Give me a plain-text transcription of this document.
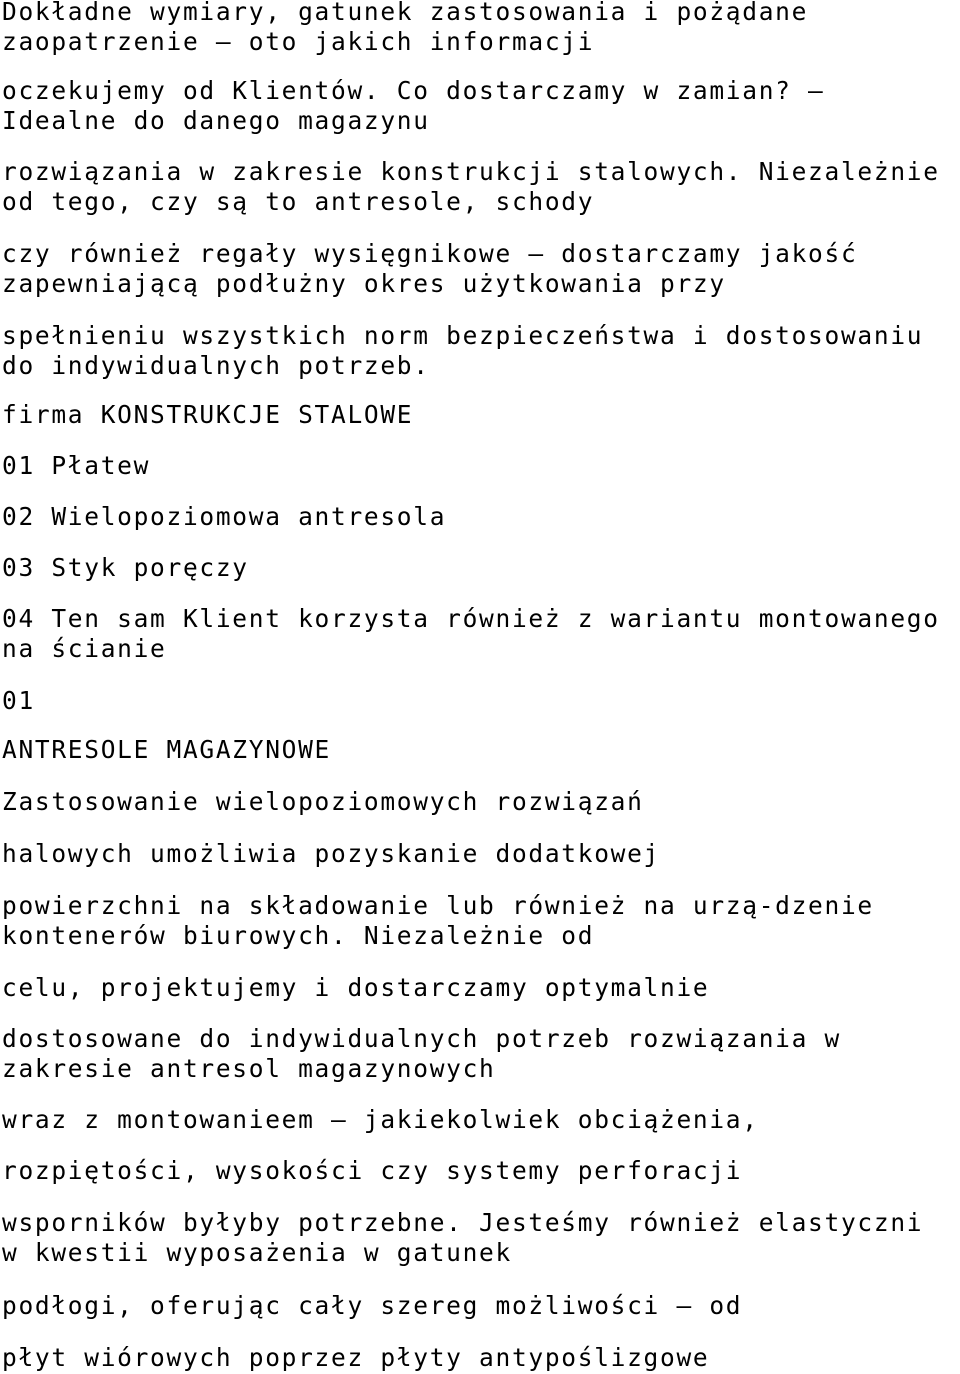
Dokładne wymiary, gatunek zastosowania i pożądane
zaopatrzenie – oto jakich informacji
oczekujemy od Klientów. Co dostarczamy w zamian? –
Idealne do danego magazynu
rozwiązania w zakresie konstrukcji stalowych. Niezależnie
od tego, czy są to antresole, schody
czy również regały wysięgnikowe – dostarczamy jakość
zapewniającą podłużny okres użytkowania przy
spełnieniu wszystkich norm bezpieczeństwa i dostosowaniu
do indywidualnych potrzeb.
firma KONSTRUKCJE STALOWE
01 Płatew
02 Wielopoziomowa antresola
03 Styk poręczy
04 Ten sam Klient korzysta również z wariantu montowanego
na ścianie
01
ANTRESOLE MAGAZYNOWE
Zastosowanie wielopoziomowych rozwiązań
halowych umożliwia pozyskanie dodatkowej
powierzchni na składowanie lub również na urzą-dzenie
kontenerów biurowych. Niezależnie od
celu, projektujemy i dostarczamy optymalnie
dostosowane do indywidualnych potrzeb rozwiązania w
zakresie antresol magazynowych
wraz z montowanieem – jakiekolwiek obciążenia,
rozpiętości, wysokości czy systemy perforacji
wsporników byłyby potrzebne. Jesteśmy również elastyczni
w kwestii wyposażenia w gatunek
podłogi, oferując cały szereg możliwości – od
płyt wiórowych poprzez płyty antypoślizgowe
